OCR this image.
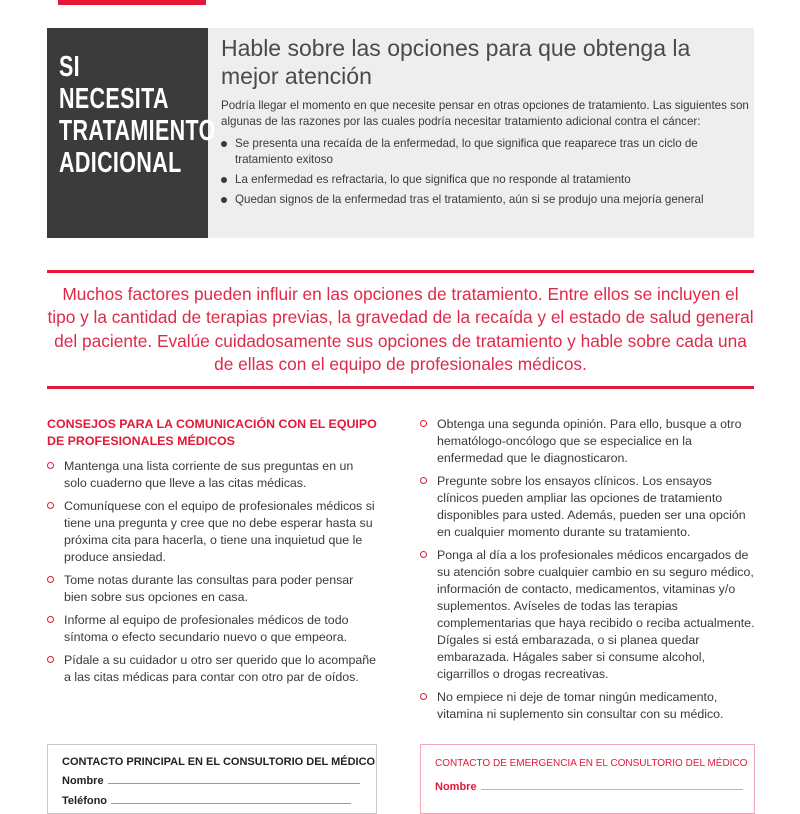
SI NECESITA
TRATAMIENTO
ADICIONAL
Hable sobre las opciones para que obtenga la mejor atención

Podría llegar el momento en que necesite pensar en otras opciones de tratamiento. Las siguientes son algunas de las razones por las cuales podría necesitar tratamiento adicional contra el cáncer:

Se presenta una recaída de la enfermedad, lo que significa que reaparece tras un ciclo de tratamiento exitoso
La enfermedad es refractaria, lo que significa que no responde al tratamiento
Quedan signos de la enfermedad tras el tratamiento, aún si se produjo una mejoría general

Muchos factores pueden influir en las opciones de tratamiento. Entre ellos se incluyen el tipo y la cantidad de terapias previas, la gravedad de la recaída y el estado de salud general del paciente. Evalúe cuidadosamente sus opciones de tratamiento y hable sobre cada una de ellas con el equipo de profesionales médicos.

CONSEJOS PARA LA COMUNICACIÓN CON EL EQUIPO DE PROFESIONALES MÉDICOS
Mantenga una lista corriente de sus preguntas en un solo cuaderno que lleve a las citas médicas.
Comuníquese con el equipo de profesionales médicos si tiene una pregunta y cree que no debe esperar hasta su próxima cita para hacerla, o tiene una inquietud que le produce ansiedad.
Tome notas durante las consultas para poder pensar bien sobre sus opciones en casa.
Informe al equipo de profesionales médicos de todo síntoma o efecto secundario nuevo o que empeora.
Pídale a su cuidador u otro ser querido que lo acompañe a las citas médicas para contar con otro par de oídos.
Obtenga una segunda opinión. Para ello, busque a otro hematólogo-oncólogo que se especialice en la enfermedad que le diagnosticaron.
Pregunte sobre los ensayos clínicos. Los ensayos clínicos pueden ampliar las opciones de tratamiento disponibles para usted. Además, pueden ser una opción en cualquier momento durante su tratamiento.
Ponga al día a los profesionales médicos encargados de su atención sobre cualquier cambio en su seguro médico, información de contacto, medicamentos, vitaminas y/o suplementos. Avíseles de todas las terapias complementarias que haya recibido o reciba actualmente. Dígales si está embarazada, o si planea quedar embarazada. Hágales saber si consume alcohol, cigarrillos o drogas recreativas.
No empiece ni deje de tomar ningún medicamento, vitamina ni suplemento sin consultar con su médico.
CONTACTO PRINCIPAL EN EL CONSULTORIO DEL MÉDICO
Nombre
Teléfono
CONTACTO DE EMERGENCIA EN EL CONSULTORIO DEL MÉDICO
Nombre
